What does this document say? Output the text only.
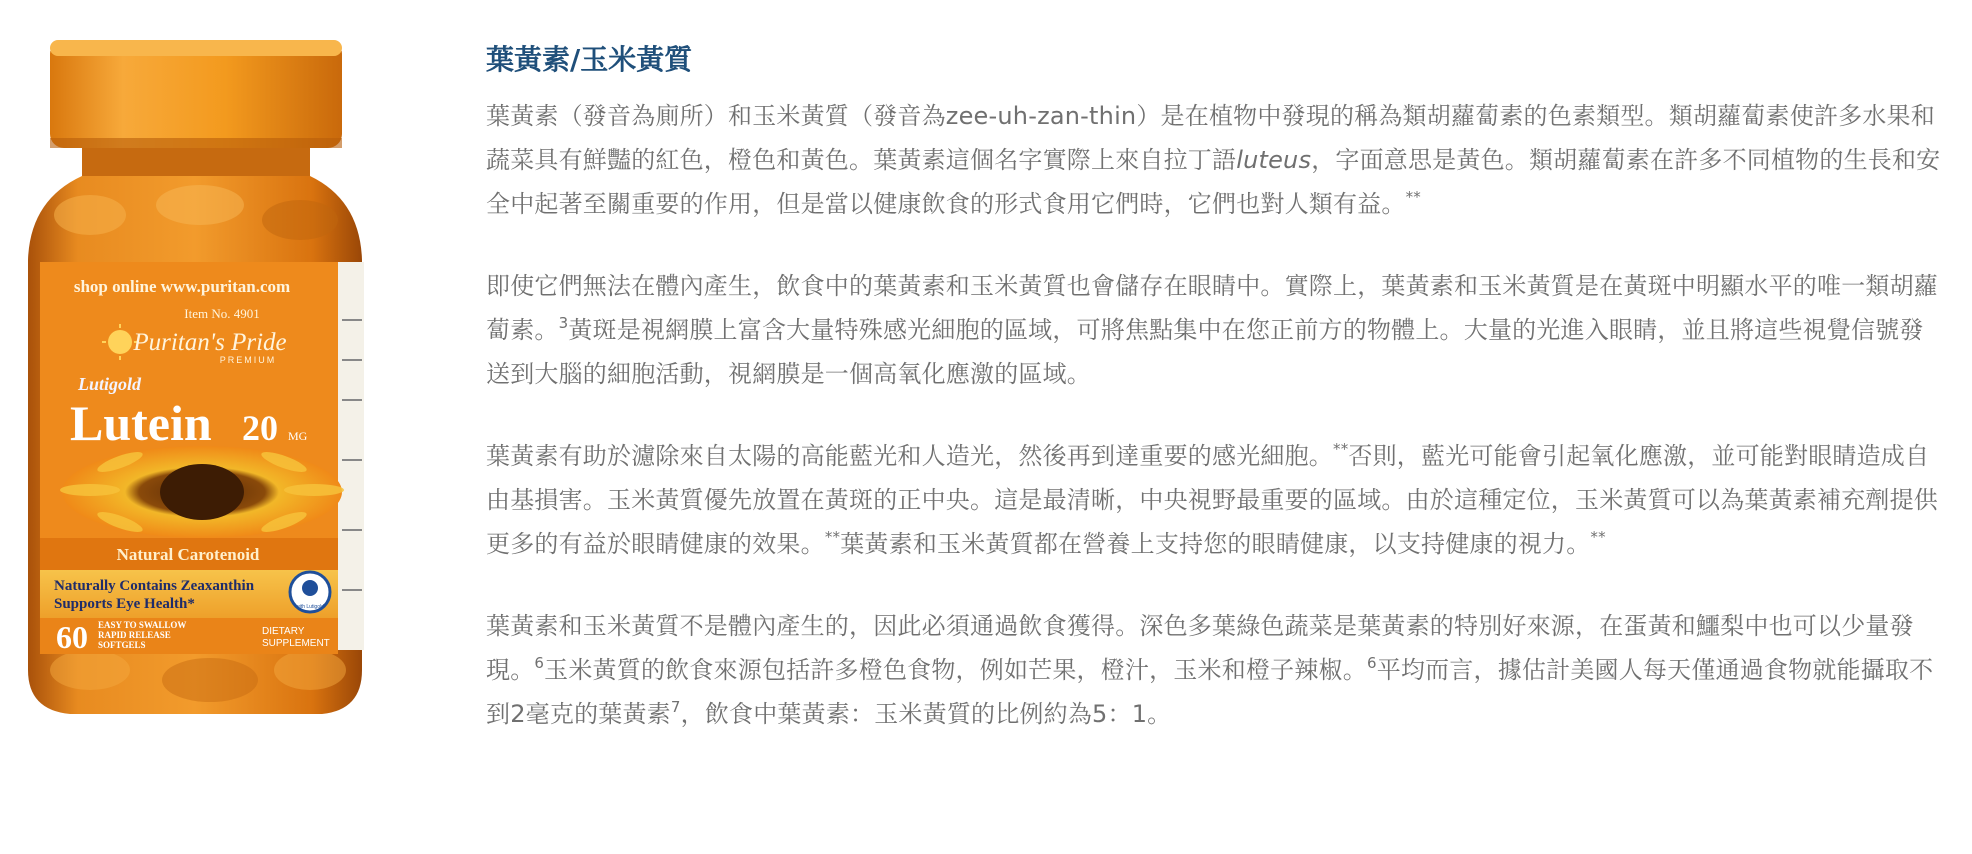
shop online www.puritan.com
Item No. 4901
Puritan's Pride
PREMIUM
Lutigold
Lutein 20 MG
Natural Carotenoid
Naturally Contains Zeaxanthin
Supports Eye Health*	with Lutigold
60 EASY TO SWALLOW
RAPID RELEASE
SOFTGELS
DIETARY
SUPPLEMENT
葉黃素/玉米黃質

葉黃素（發音為廁所）和玉米黃質（發音為zee-uh-zan-thin）是在植物中發現的稱為類胡蘿蔔素的色素類型。類胡蘿蔔素使許多水果和蔬菜具有鮮豔的紅色，橙色和黃色。葉黃素這個名字實際上來自拉丁語luteus，字面意思是黃色。類胡蘿蔔素在許多不同植物的生長和安全中起著至關重要的作用，但是當以健康飲食的形式食用它們時，它們也對人類有益。**

即使它們無法在體內產生，飲食中的葉黃素和玉米黃質也會儲存在眼睛中。實際上，葉黃素和玉米黃質是在黃斑中明顯水平的唯一類胡蘿蔔素。$^3$黃斑是視網膜上富含大量特殊感光細胞的區域，可將焦點集中在您正前方的物體上。大量的光進入眼睛，並且將這些視覺信號發送到大腦的細胞活動，視網膜是一個高氧化應激的區域。

葉黃素有助於濾除來自太陽的高能藍光和人造光，然後再到達重要的感光細胞。**否則，藍光可能會引起氧化應激，並可能對眼睛造成自由基損害。玉米黃質優先放置在黃斑的正中央。這是最清晰，中央視野最重要的區域。由於這種定位，玉米黃質可以為葉黃素補充劑提供更多的有益於眼睛健康的效果。**葉黃素和玉米黃質都在營養上支持您的眼睛健康，以支持健康的視力。**

葉黃素和玉米黃質不是體內產生的，因此必須通過飲食獲得。深色多葉綠色蔬菜是葉黃素的特別好來源，在蛋黃和鱷梨中也可以少量發現。$^6$玉米黃質的飲食來源包括許多橙色食物，例如芒果，橙汁，玉米和橙子辣椒。$^6$平均而言，據估計美國人每天僅通過食物就能攝取不到2毫克的葉黃素$^7$，飲食中葉黃素：玉米黃質的比例約為5：1。
